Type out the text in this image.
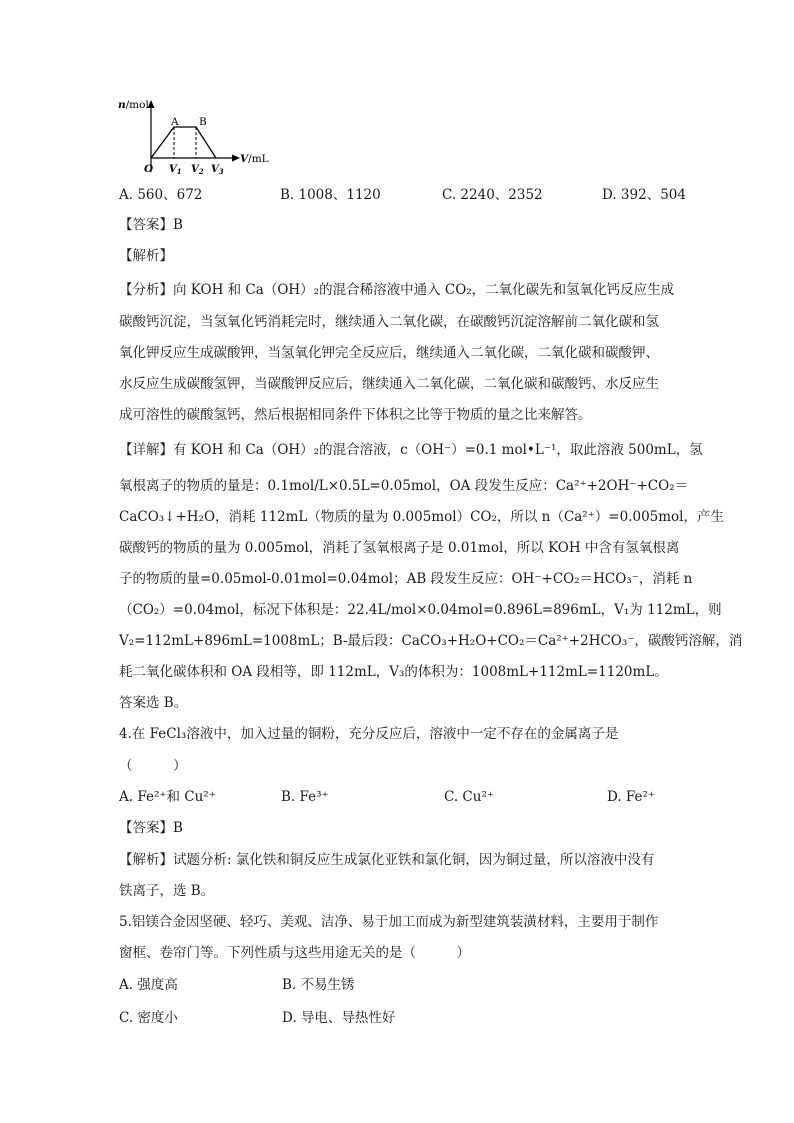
n/mol
A B
V/mL
O $V_1$ $V_2$ $V_3$
A. 560、672	B. 1008、1120	C. 2240、2352	D. 392、504
【答案】B
【解析】
【分析】向 KOH 和 Ca（OH）₂的混合稀溶液中通入 CO₂，二氧化碳先和氢氧化钙反应生成
碳酸钙沉淀，当氢氧化钙消耗完时，继续通入二氧化碳，在碳酸钙沉淀溶解前二氧化碳和氢
氧化钾反应生成碳酸钾，当氢氧化钾完全反应后，继续通入二氧化碳，二氧化碳和碳酸钾、
水反应生成碳酸氢钾，当碳酸钾反应后，继续通入二氧化碳，二氧化碳和碳酸钙、水反应生
成可溶性的碳酸氢钙，然后根据相同条件下体积之比等于物质的量之比来解答。
【详解】有 KOH 和 Ca（OH）₂的混合溶液，c（OH⁻）=0.1 mol•L⁻¹，取此溶液 500mL，氢
氧根离子的物质的量是：0.1mol/L×0.5L=0.05mol，OA 段发生反应：Ca²⁺+2OH⁻+CO₂＝
CaCO₃↓+H₂O，消耗 112mL（物质的量为 0.005mol）CO₂，所以 n（Ca²⁺）=0.005mol，产生
碳酸钙的物质的量为 0.005mol，消耗了氢氧根离子是 0.01mol，所以 KOH 中含有氢氧根离
子的物质的量=0.05mol-0.01mol=0.04mol；AB 段发生反应：OH⁻+CO₂＝HCO₃⁻，消耗 n
（CO₂）=0.04mol，标况下体积是：22.4L/mol×0.04mol=0.896L=896mL，V₁为 112mL，则
V₂=112mL+896mL=1008mL；B-最后段：CaCO₃+H₂O+CO₂＝Ca²⁺+2HCO₃⁻，碳酸钙溶解，消
耗二氧化碳体积和 OA 段相等，即 112mL，V₃的体积为：1008mL+112mL=1120mL。
答案选 B。
4.在 FeCl₃溶液中，加入过量的铜粉，充分反应后，溶液中一定不存在的金属离子是
（　　　）
A. Fe²⁺和 Cu²⁺	B. Fe³⁺	C. Cu²⁺	D. Fe²⁺
【答案】B
【解析】试题分析: 氯化铁和铜反应生成氯化亚铁和氯化铜，因为铜过量，所以溶液中没有
铁离子，选 B。
5.铝镁合金因坚硬、轻巧、美观、洁净、易于加工而成为新型建筑装潢材料，主要用于制作
窗框、卷帘门等。下列性质与这些用途无关的是（　　　）
A. 强度高	B. 不易生锈
C. 密度小	D. 导电、导热性好
